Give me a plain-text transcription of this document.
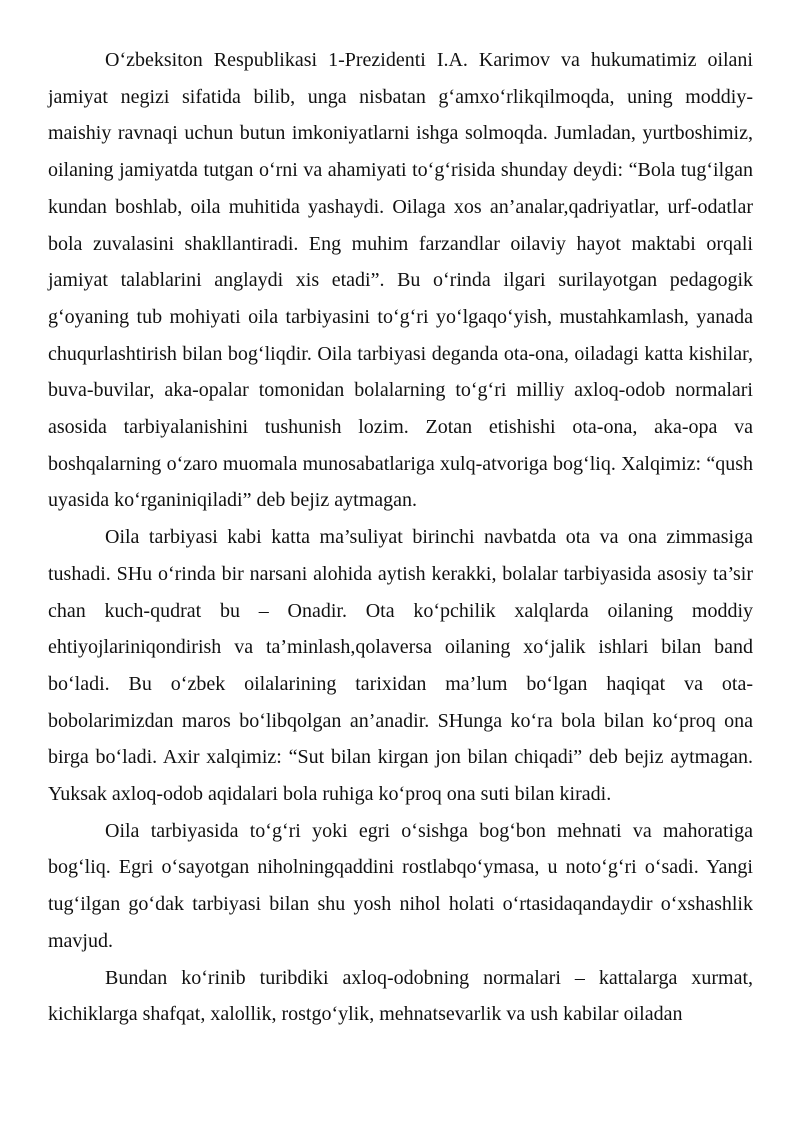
O‘zbeksiton Respublikasi 1-Prezidenti I.A. Karimov va hukumatimiz oilani jamiyat negizi sifatida bilib, unga nisbatan g‘amxo‘rlikqilmoqda, uning moddiy-maishiy ravnaqi uchun butun imkoniyatlarni ishga solmoqda. Jumladan, yurtboshimiz, oilaning jamiyatda tutgan o‘rni va ahamiyati to‘g‘risida shunday deydi: “Bola tug‘ilgan kundan boshlab, oila muhitida yashaydi. Oilaga xos an’analar,qadriyatlar, urf-odatlar bola zuvalasini shakllantiradi. Eng muhim farzandlar oilaviy hayot maktabi orqali jamiyat talablarini anglaydi xis etadi”. Bu o‘rinda ilgari surilayotgan pedagogik g‘oyaning tub mohiyati oila tarbiyasini to‘g‘ri yo‘lgaqo‘yish, mustahkamlash, yanada chuqurlashtirish bilan bog‘liqdir. Oila tarbiyasi deganda ota-ona, oiladagi katta kishilar, buva-buvilar, aka-opalar tomonidan bolalarning to‘g‘ri milliy axloq-odob normalari asosida tarbiyalanishini tushunish lozim. Zotan etishishi ota-ona, aka-opa va boshqalarning o‘zaro muomala munosabatlariga xulq-atvoriga bog‘liq. Xalqimiz: “qush uyasida ko‘rganiniqiladi” deb bejiz aytmagan.

Oila tarbiyasi kabi katta ma’suliyat birinchi navbatda ota va ona zimmasiga tushadi. SHu o‘rinda bir narsani alohida aytish kerakki, bolalar tarbiyasida asosiy ta’sir chan kuch-qudrat bu – Onadir. Ota ko‘pchilik xalqlarda oilaning moddiy ehtiyojlariniqondirish va ta’minlash,qolaversa oilaning xo‘jalik ishlari bilan band bo‘ladi. Bu o‘zbek oilalarining tarixidan ma’lum bo‘lgan haqiqat va ota-bobolarimizdan maros bo‘libqolgan an’anadir. SHunga ko‘ra bola bilan ko‘proq ona birga bo‘ladi. Axir xalqimiz: “Sut bilan kirgan jon bilan chiqadi” deb bejiz aytmagan. Yuksak axloq-odob aqidalari bola ruhiga ko‘proq ona suti bilan kiradi.

Oila tarbiyasida to‘g‘ri yoki egri o‘sishga bog‘bon mehnati va mahoratiga bog‘liq. Egri o‘sayotgan niholningqaddini rostlabqo‘ymasa, u noto‘g‘ri o‘sadi. Yangi tug‘ilgan go‘dak tarbiyasi bilan shu yosh nihol holati o‘rtasidaqandaydir o‘xshashlik mavjud.

Bundan ko‘rinib turibdiki axloq-odobning normalari – kattalarga xurmat, kichiklarga shafqat, xalollik, rostgo‘ylik, mehnatsevarlik va ush kabilar oiladan
